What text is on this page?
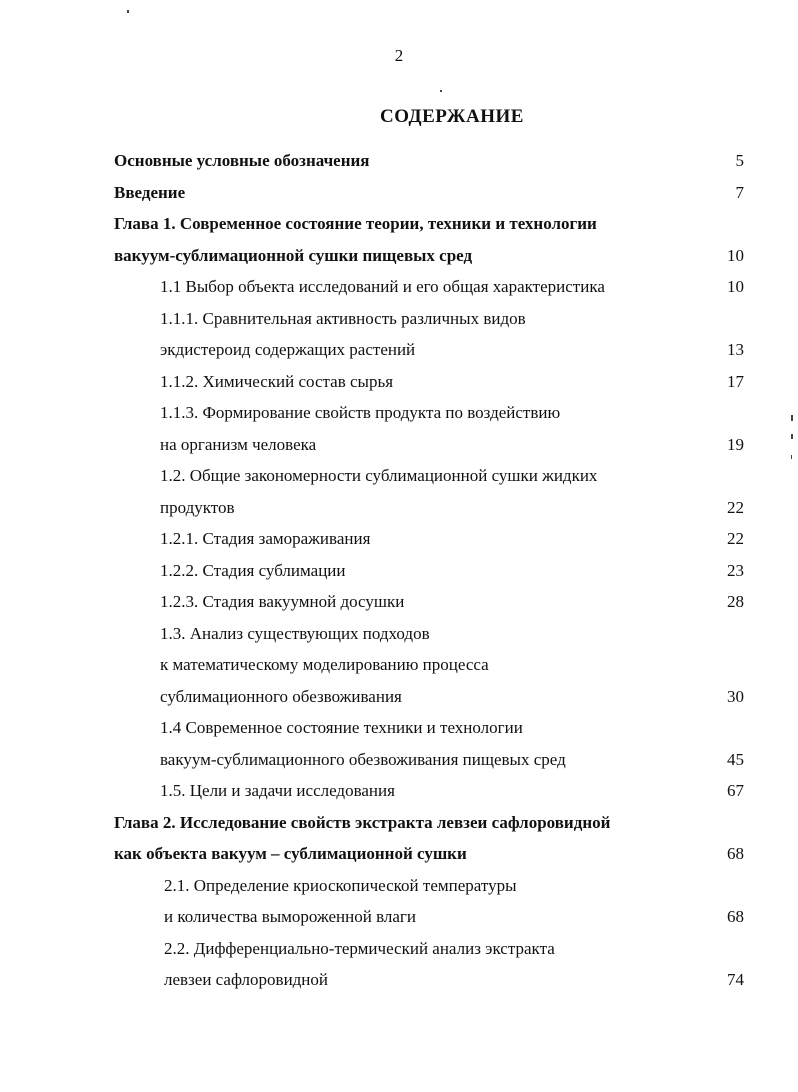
2
СОДЕРЖАНИЕ
Основные условные обозначения	5
Введение	7
Глава 1. Современное состояние теории, техники и технологии
вакуум-сублимационной сушки пищевых сред	10
1.1 Выбор объекта исследований и его общая характеристика	10
1.1.1. Сравнительная активность различных видов
экдистероид содержащих растений	13
1.1.2. Химический состав сырья	17
1.1.3. Формирование свойств продукта по воздействию
на организм человека	19
1.2. Общие закономерности сублимационной сушки жидких
продуктов	22
1.2.1. Стадия замораживания	22
1.2.2. Стадия сублимации	23
1.2.3. Стадия вакуумной досушки	28
1.3. Анализ существующих подходов
к математическому моделированию процесса
сублимационного обезвоживания	30
1.4 Современное состояние техники и технологии
вакуум-сублимационного обезвоживания пищевых сред	45
1.5. Цели и задачи исследования	67
Глава 2. Исследование свойств экстракта левзеи сафлоровидной
как объекта вакуум – сублимационной сушки	68
2.1. Определение криоскопической температуры
и количества вымороженной влаги	68
2.2. Дифференциально-термический анализ экстракта
левзеи сафлоровидной	74
